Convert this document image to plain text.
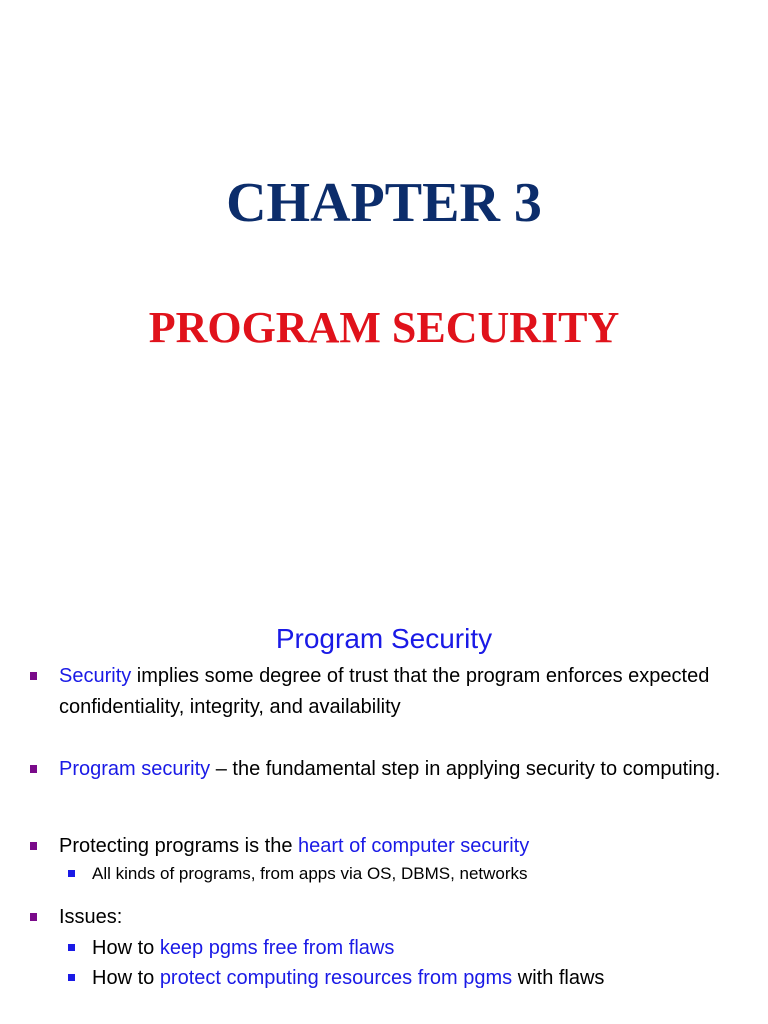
CHAPTER 3
PROGRAM SECURITY
Program Security
Security implies some degree of trust that the program enforces expected confidentiality, integrity, and availability
Program security – the fundamental step in applying security to computing.
Protecting programs is the heart of computer security
All kinds of programs, from apps via OS, DBMS, networks
Issues:
How to keep pgms free from flaws
How to protect computing resources from pgms with flaws
